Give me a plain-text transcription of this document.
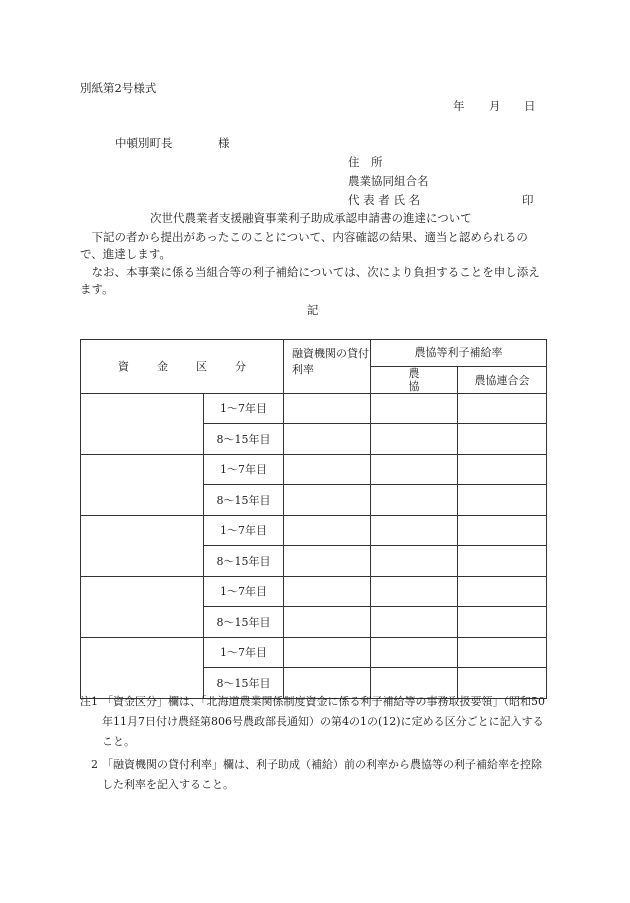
別紙第2号様式
年 月 日
中頓別町長	様
住　所
農業協同組合名
代 表 者 氏 名	印
次世代農業者支援融資事業利子助成承認申請書の進達について
下記の者から提出があったこのことについて、内容確認の結果、適当と認められるので、進達します。
なお、本事業に係る当組合等の利子補給については、次により負担することを申し添えます。
記
資金区分		融資機関の貸付利率	農協等利子補給率	
			農協	農協連合会
	1〜7年目			
	8〜15年目			
	1〜7年目			
	8〜15年目			
	1〜7年目			
	8〜15年目			
	1〜7年目			
	8〜15年目			
	1〜7年目			
	8〜15年目			
注1 「資金区分」欄は、「北海道農業関係制度資金に係る利子補給等の事務取扱要領」（昭和50年11月7日付け農経第806号農政部長通知）の第4の1の(12)に定める区分ごとに記入すること。
2 「融資機関の貸付利率」欄は、利子助成（補給）前の利率から農協等の利子補給率を控除した利率を記入すること。
